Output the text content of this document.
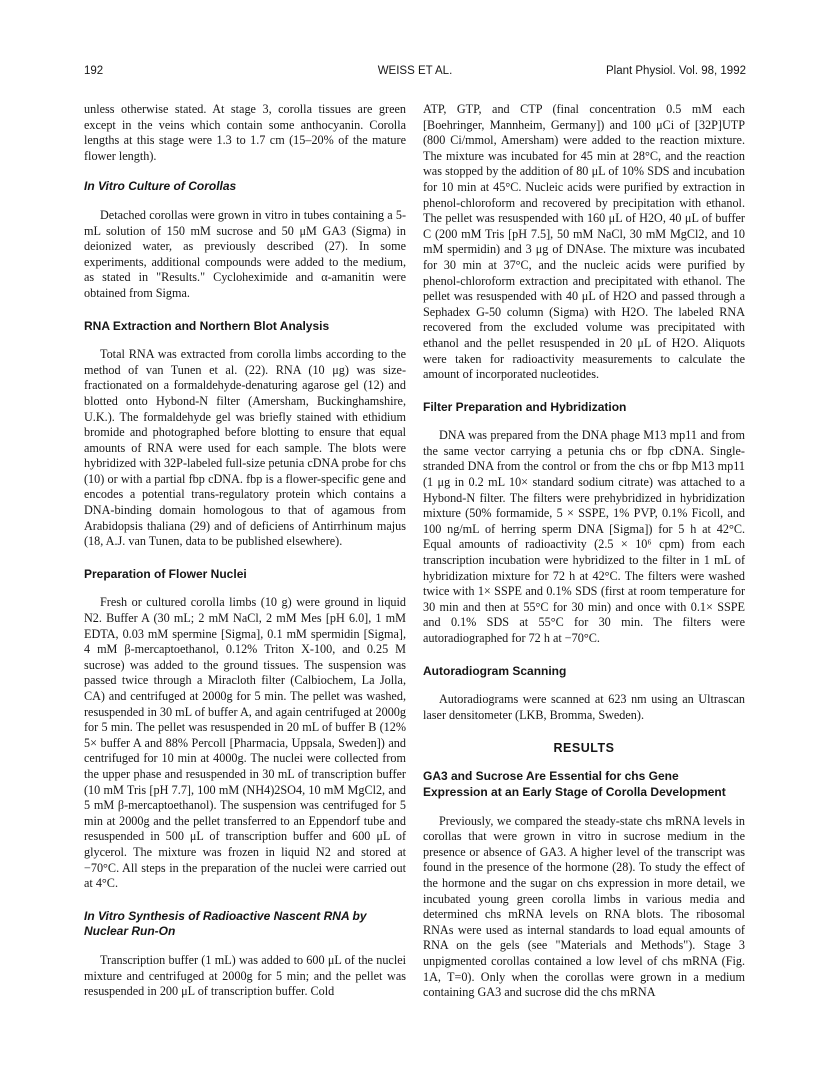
192	WEISS ET AL.	Plant Physiol. Vol. 98, 1992

unless otherwise stated. At stage 3, corolla tissues are green except in the veins which contain some anthocyanin. Corolla lengths at this stage were 1.3 to 1.7 cm (15–20% of the mature flower length).

In Vitro Culture of Corollas

Detached corollas were grown in vitro in tubes containing a 5-mL solution of 150 mM sucrose and 50 μM GA3 (Sigma) in deionized water, as previously described (27). In some experiments, additional compounds were added to the medium, as stated in "Results." Cycloheximide and α-amanitin were obtained from Sigma.

RNA Extraction and Northern Blot Analysis

Total RNA was extracted from corolla limbs according to the method of van Tunen et al. (22). RNA (10 μg) was size-fractionated on a formaldehyde-denaturing agarose gel (12) and blotted onto Hybond-N filter (Amersham, Buckinghamshire, U.K.). The formaldehyde gel was briefly stained with ethidium bromide and photographed before blotting to ensure that equal amounts of RNA were used for each sample. The blots were hybridized with 32P-labeled full-size petunia cDNA probe for chs (10) or with a partial fbp cDNA. fbp is a flower-specific gene and encodes a potential trans-regulatory protein which contains a DNA-binding domain homologous to that of agamous from Arabidopsis thaliana (29) and of deficiens of Antirrhinum majus (18, A.J. van Tunen, data to be published elsewhere).

Preparation of Flower Nuclei

Fresh or cultured corolla limbs (10 g) were ground in liquid N2. Buffer A (30 mL; 2 mM NaCl, 2 mM Mes [pH 6.0], 1 mM EDTA, 0.03 mM spermine [Sigma], 0.1 mM spermidin [Sigma], 4 mM β-mercaptoethanol, 0.12% Triton X-100, and 0.25 M sucrose) was added to the ground tissues. The suspension was passed twice through a Miracloth filter (Calbiochem, La Jolla, CA) and centrifuged at 2000g for 5 min. The pellet was washed, resuspended in 30 mL of buffer A, and again centrifuged at 2000g for 5 min. The pellet was resuspended in 20 mL of buffer B (12% 5× buffer A and 88% Percoll [Pharmacia, Uppsala, Sweden]) and centrifuged for 10 min at 4000g. The nuclei were collected from the upper phase and resuspended in 30 mL of transcription buffer (10 mM Tris [pH 7.7], 100 mM (NH4)2SO4, 10 mM MgCl2, and 5 mM β-mercaptoethanol). The suspension was centrifuged for 5 min at 2000g and the pellet transferred to an Eppendorf tube and resuspended in 500 μL of transcription buffer and 600 μL of glycerol. The mixture was frozen in liquid N2 and stored at −70°C. All steps in the preparation of the nuclei were carried out at 4°C.

In Vitro Synthesis of Radioactive Nascent RNA by Nuclear Run-On

Transcription buffer (1 mL) was added to 600 μL of the nuclei mixture and centrifuged at 2000g for 5 min; and the pellet was resuspended in 200 μL of transcription buffer. Cold

ATP, GTP, and CTP (final concentration 0.5 mM each [Boehringer, Mannheim, Germany]) and 100 μCi of [32P]UTP (800 Ci/mmol, Amersham) were added to the reaction mixture. The mixture was incubated for 45 min at 28°C, and the reaction was stopped by the addition of 80 μL of 10% SDS and incubation for 10 min at 45°C. Nucleic acids were purified by extraction in phenol-chloroform and recovered by precipitation with ethanol. The pellet was resuspended with 160 μL of H2O, 40 μL of buffer C (200 mM Tris [pH 7.5], 50 mM NaCl, 30 mM MgCl2, and 10 mM spermidin) and 3 μg of DNAse. The mixture was incubated for 30 min at 37°C, and the nucleic acids were purified by phenol-chloroform extraction and precipitated with ethanol. The pellet was resuspended with 40 μL of H2O and passed through a Sephadex G-50 column (Sigma) with H2O. The labeled RNA recovered from the excluded volume was precipitated with ethanol and the pellet resuspended in 20 μL of H2O. Aliquots were taken for radioactivity measurements to calculate the amount of incorporated nucleotides.

Filter Preparation and Hybridization

DNA was prepared from the DNA phage M13 mp11 and from the same vector carrying a petunia chs or fbp cDNA. Single-stranded DNA from the control or from the chs or fbp M13 mp11 (1 μg in 0.2 mL 10× standard sodium citrate) was attached to a Hybond-N filter. The filters were prehybridized in hybridization mixture (50% formamide, 5 × SSPE, 1% PVP, 0.1% Ficoll, and 100 ng/mL of herring sperm DNA [Sigma]) for 5 h at 42°C. Equal amounts of radioactivity (2.5 × 10⁶ cpm) from each transcription incubation were hybridized to the filter in 1 mL of hybridization mixture for 72 h at 42°C. The filters were washed twice with 1× SSPE and 0.1% SDS (first at room temperature for 30 min and then at 55°C for 30 min) and once with 0.1× SSPE and 0.1% SDS at 55°C for 30 min. The filters were autoradiographed for 72 h at −70°C.

Autoradiogram Scanning

Autoradiograms were scanned at 623 nm using an Ultrascan laser densitometer (LKB, Bromma, Sweden).

RESULTS
GA3 and Sucrose Are Essential for chs Gene Expression at an Early Stage of Corolla Development

Previously, we compared the steady-state chs mRNA levels in corollas that were grown in vitro in sucrose medium in the presence or absence of GA3. A higher level of the transcript was found in the presence of the hormone (28). To study the effect of the hormone and the sugar on chs expression in more detail, we incubated young green corolla limbs in various media and determined chs mRNA levels on RNA blots. The ribosomal RNAs were used as internal standards to load equal amounts of RNA on the gels (see "Materials and Methods"). Stage 3 unpigmented corollas contained a low level of chs mRNA (Fig. 1A, T=0). Only when the corollas were grown in a medium containing GA3 and sucrose did the chs mRNA
